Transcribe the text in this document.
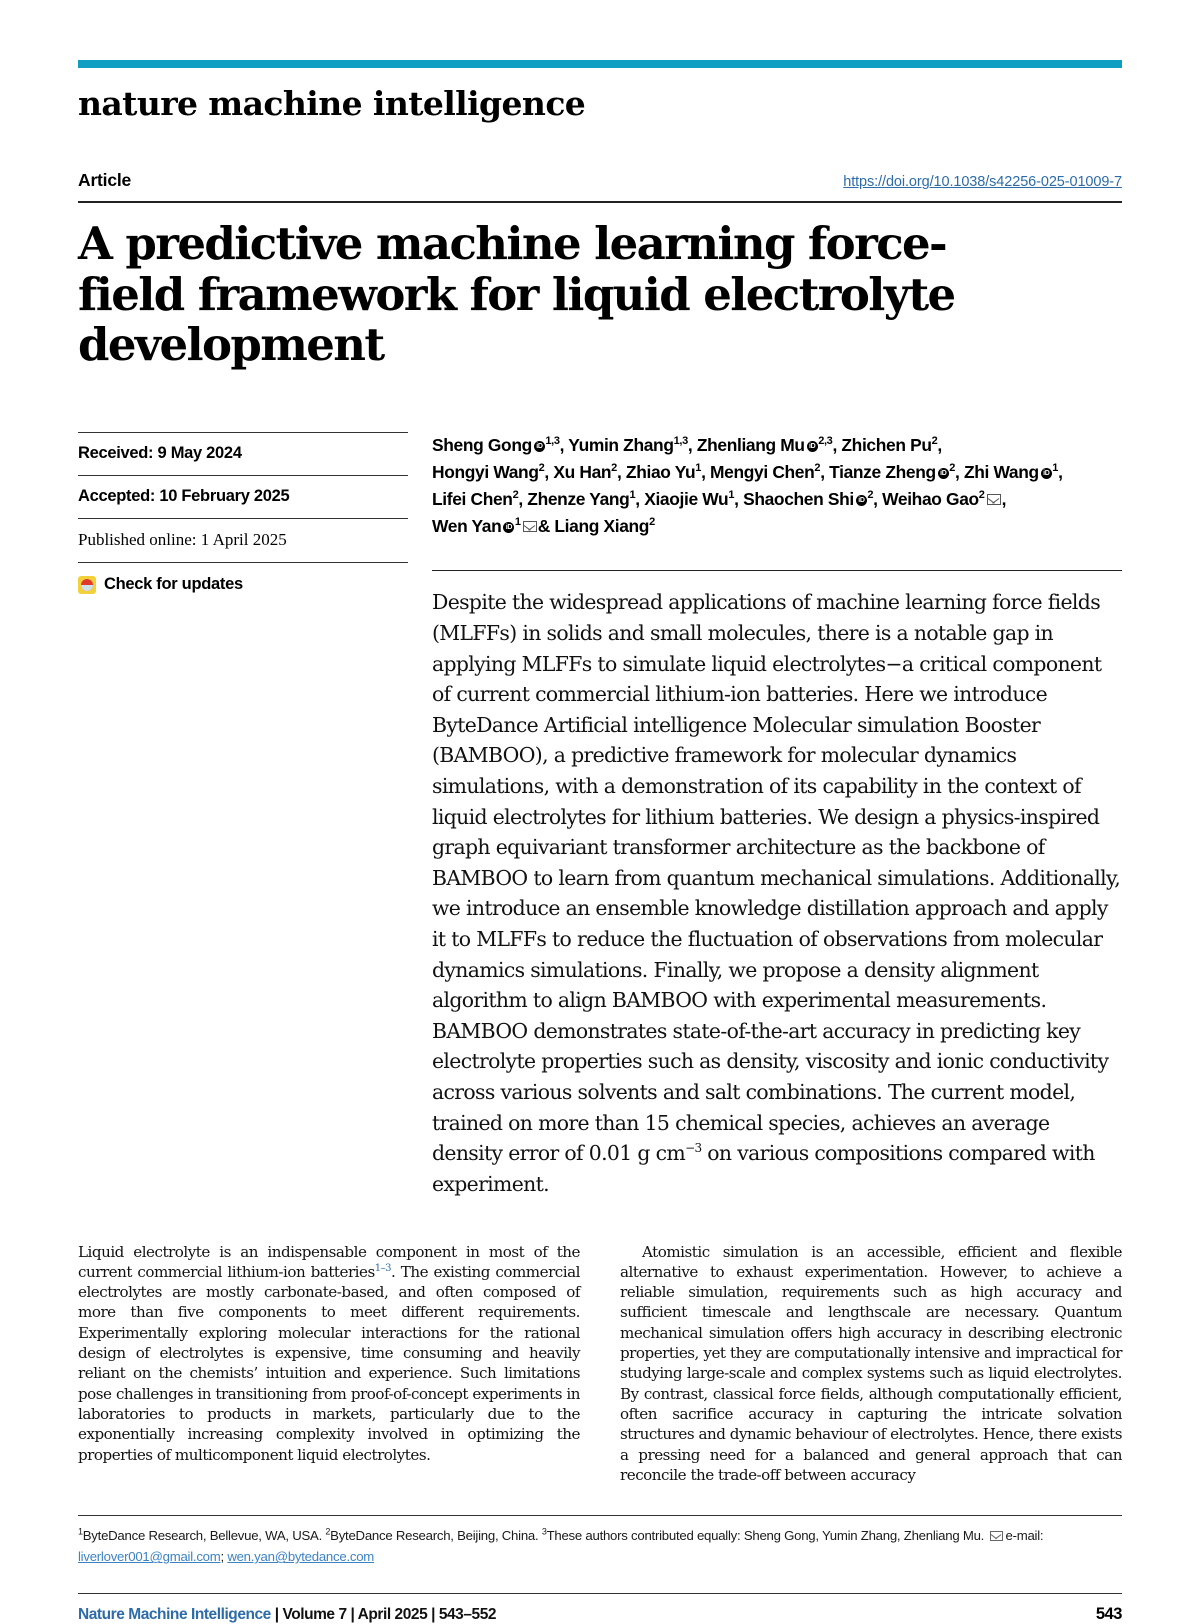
nature machine intelligence
Article	https://doi.org/10.1038/s42256-025-01009-7
A predictive machine learning force-field framework for liquid electrolyte development
Received: 9 May 2024
Accepted: 10 February 2025
Published online: 1 April 2025
Check for updates
Sheng Gong iD $^{1,3}$, Yumin Zhang$^{1,3}$, Zhenliang Mu iD $^{2,3}$, Zhichen Pu$^2$,
Hongyi Wang$^2$, Xu Han$^2$, Zhiao Yu$^1$, Mengyi Chen$^2$, Tianze Zheng iD $^2$, Zhi Wang iD $^1$,
Lifei Chen$^2$, Zhenze Yang$^1$, Xiaojie Wu$^1$, Shaochen Shi iD $^2$, Weihao Gao$^2$ ,
Wen Yan iD $^1$ & Liang Xiang$^2$
Despite the widespread applications of machine learning force fields (MLFFs) in solids and small molecules, there is a notable gap in applying MLFFs to simulate liquid electrolytes−a critical component of current commercial lithium-ion batteries. Here we introduce ByteDance Artificial intelligence Molecular simulation Booster (BAMBOO), a predictive framework for molecular dynamics simulations, with a demonstration of its capability in the context of liquid electrolytes for lithium batteries. We design a physics-inspired graph equivariant transformer architecture as the backbone of BAMBOO to learn from quantum mechanical simulations. Additionally, we introduce an ensemble knowledge distillation approach and apply it to MLFFs to reduce the fluctuation of observations from molecular dynamics simulations. Finally, we propose a density alignment algorithm to align BAMBOO with experimental measurements. BAMBOO demonstrates state-of-the-art accuracy in predicting key electrolyte properties such as density, viscosity and ionic conductivity across various solvents and salt combinations. The current model, trained on more than 15 chemical species, achieves an average density error of 0.01 g $cm^{-3}$ on various compositions compared with experiment.

Liquid electrolyte is an indispensable component in most of the current commercial lithium-ion batteries$^{1-3}$. The existing commercial electrolytes are mostly carbonate-based, and often composed of more than five components to meet different requirements. Experimentally exploring molecular interactions for the rational design of electrolytes is expensive, time consuming and heavily reliant on the chemists’ intuition and experience. Such limitations pose challenges in transitioning from proof-of-concept experiments in laboratories to products in markets, particularly due to the exponentially increasing complexity involved in optimizing the properties of multicomponent liquid electrolytes.

Atomistic simulation is an accessible, efficient and flexible alternative to exhaust experimentation. However, to achieve a reliable simulation, requirements such as high accuracy and sufficient timescale and lengthscale are necessary. Quantum mechanical simulation offers high accuracy in describing electronic properties, yet they are computationally intensive and impractical for studying large-scale and complex systems such as liquid electrolytes. By contrast, classical force fields, although computationally efficient, often sacrifice accuracy in capturing the intricate solvation structures and dynamic behaviour of electrolytes. Hence, there exists a pressing need for a balanced and general approach that can reconcile the trade-off between accuracy

$^1$ByteDance Research, Bellevue, WA, USA. $^2$ByteDance Research, Beijing, China. $^3$These authors contributed equally: Sheng Gong, Yumin Zhang, Zhenliang Mu. e-mail: liverlover001@gmail.com; wen.yan@bytedance.com
Nature Machine Intelligence | Volume 7 | April 2025 | 543–552	543
